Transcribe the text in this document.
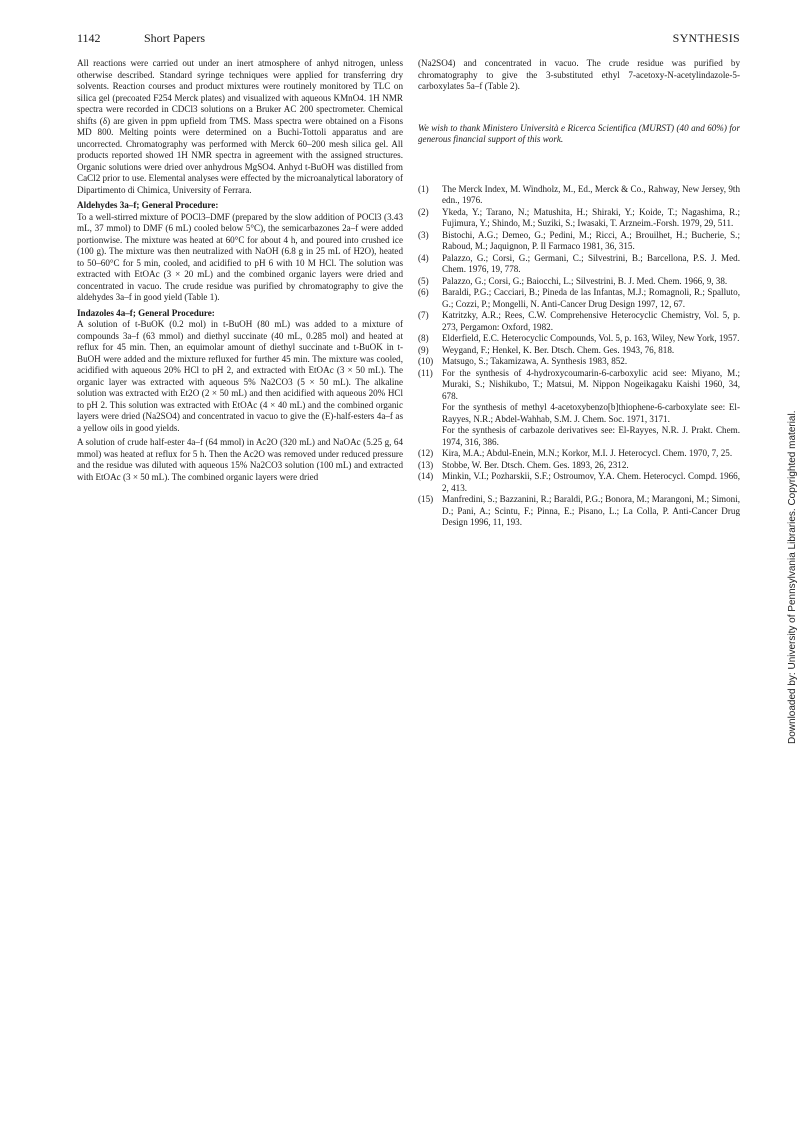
1142	Short Papers	SYNTHESIS

All reactions were carried out under an inert atmosphere of anhyd nitrogen, unless otherwise described. Standard syringe techniques were applied for transferring dry solvents. Reaction courses and product mixtures were routinely monitored by TLC on silica gel (precoated F254 Merck plates) and visualized with aqueous KMnO4. 1H NMR spectra were recorded in CDCl3 solutions on a Bruker AC 200 spectrometer. Chemical shifts (δ) are given in ppm upfield from TMS. Mass spectra were obtained on a Fisons MD 800. Melting points were determined on a Buchi-Tottoli apparatus and are uncorrected. Chromatography was performed with Merck 60–200 mesh silica gel. All products reported showed 1H NMR spectra in agreement with the assigned structures. Organic solutions were dried over anhydrous MgSO4. Anhyd t-BuOH was distilled from CaCl2 prior to use. Elemental analyses were effected by the microanalytical laboratory of Dipartimento di Chimica, University of Ferrara.

Aldehydes 3a–f; General Procedure:

To a well-stirred mixture of POCl3–DMF (prepared by the slow addition of POCl3 (3.43 mL, 37 mmol) to DMF (6 mL) cooled below 5°C), the semicarbazones 2a–f were added portionwise. The mixture was heated at 60°C for about 4 h, and poured into crushed ice (100 g). The mixture was then neutralized with NaOH (6.8 g in 25 mL of H2O), heated to 50–60°C for 5 min, cooled, and acidified to pH 6 with 10 M HCl. The solution was extracted with EtOAc (3 × 20 mL) and the combined organic layers were dried and concentrated in vacuo. The crude residue was purified by chromatography to give the aldehydes 3a–f in good yield (Table 1).

Indazoles 4a–f; General Procedure:

A solution of t-BuOK (0.2 mol) in t-BuOH (80 mL) was added to a mixture of compounds 3a–f (63 mmol) and diethyl succinate (40 mL, 0.285 mol) and heated at reflux for 45 min. Then, an equimolar amount of diethyl succinate and t-BuOK in t-BuOH were added and the mixture refluxed for further 45 min. The mixture was cooled, acidified with aqueous 20% HCl to pH 2, and extracted with EtOAc (3 × 50 mL). The organic layer was extracted with aqueous 5% Na2CO3 (5 × 50 mL). The alkaline solution was extracted with Et2O (2 × 50 mL) and then acidified with aqueous 20% HCl to pH 2. This solution was extracted with EtOAc (4 × 40 mL) and the combined organic layers were dried (Na2SO4) and concentrated in vacuo to give the (E)-half-esters 4a–f as a yellow oils in good yields.

A solution of crude half-ester 4a–f (64 mmol) in Ac2O (320 mL) and NaOAc (5.25 g, 64 mmol) was heated at reflux for 5 h. Then the Ac2O was removed under reduced pressure and the residue was diluted with aqueous 15% Na2CO3 solution (100 mL) and extracted with EtOAc (3 × 50 mL). The combined organic layers were dried

(Na2SO4) and concentrated in vacuo. The crude residue was purified by chromatography to give the 3-substituted ethyl 7-acetoxy-N-acetylindazole-5-carboxylates 5a–f (Table 2).

We wish to thank Ministero Università e Ricerca Scientifica (MURST) (40 and 60%) for generous financial support of this work.

(1)	The Merck Index, M. Windholz, M., Ed., Merck & Co., Rahway, New Jersey, 9th edn., 1976.
(2)	Ykeda, Y.; Tarano, N.; Matushita, H.; Shiraki, Y.; Koide, T.; Nagashima, R.; Fujimura, Y.; Shindo, M.; Suziki, S.; Iwasaki, T. Arzneim.-Forsh. 1979, 29, 511.
(3)	Bistochi, A.G.; Demeo, G.; Pedini, M.; Ricci, A.; Brouilhet, H.; Bucherie, S.; Raboud, M.; Jaquignon, P. Il Farmaco 1981, 36, 315.
(4)	Palazzo, G.; Corsi, G.; Germani, C.; Silvestrini, B.; Barcellona, P.S. J. Med. Chem. 1976, 19, 778.
(5)	Palazzo, G.; Corsi, G.; Baiocchi, L.; Silvestrini, B. J. Med. Chem. 1966, 9, 38.
(6)	Baraldi, P.G.; Cacciari, B.; Pineda de las Infantas, M.J.; Romagnoli, R.; Spalluto, G.; Cozzi, P.; Mongelli, N. Anti-Cancer Drug Design 1997, 12, 67.
(7)	Katritzky, A.R.; Rees, C.W. Comprehensive Heterocyclic Chemistry, Vol. 5, p. 273, Pergamon: Oxford, 1982.
(8)	Elderfield, E.C. Heterocyclic Compounds, Vol. 5, p. 163, Wiley, New York, 1957.
(9)	Weygand, F.; Henkel, K. Ber. Dtsch. Chem. Ges. 1943, 76, 818.
(10) Matsugo, S.; Takamizawa, A. Synthesis 1983, 852.
(11)	For the synthesis of 4-hydroxycoumarin-6-carboxylic acid see: Miyano, M.; Muraki, S.; Nishikubo, T.; Matsui, M. Nippon Nogeikagaku Kaishi 1960, 34, 678.

For the synthesis of methyl 4-acetoxybenzo[b]thiophene-6-carboxylate see: El-Rayyes, N.R.; Abdel-Wahhab, S.M. J. Chem. Soc. 1971, 3171.

For the synthesis of carbazole derivatives see: El-Rayyes, N.R. J. Prakt. Chem. 1974, 316, 386.

(12) Kira, M.A.; Abdul-Enein, M.N.; Korkor, M.I. J. Heterocycl. Chem. 1970, 7, 25.
(13) Stobbe, W. Ber. Dtsch. Chem. Ges. 1893, 26, 2312.
(14) Minkin, V.I.; Pozharskii, S.F.; Ostroumov, Y.A. Chem. Heterocycl. Compd. 1966, 2, 413.
(15) Manfredini, S.; Bazzanini, R.; Baraldi, P.G.; Bonora, M.; Marangoni, M.; Simoni, D.; Pani, A.; Scintu, F.; Pinna, E.; Pisano, L.; La Colla, P. Anti-Cancer Drug Design 1996, 11, 193.	Downloaded by: University of Pennsylvania Libraries. Copyrighted material.
